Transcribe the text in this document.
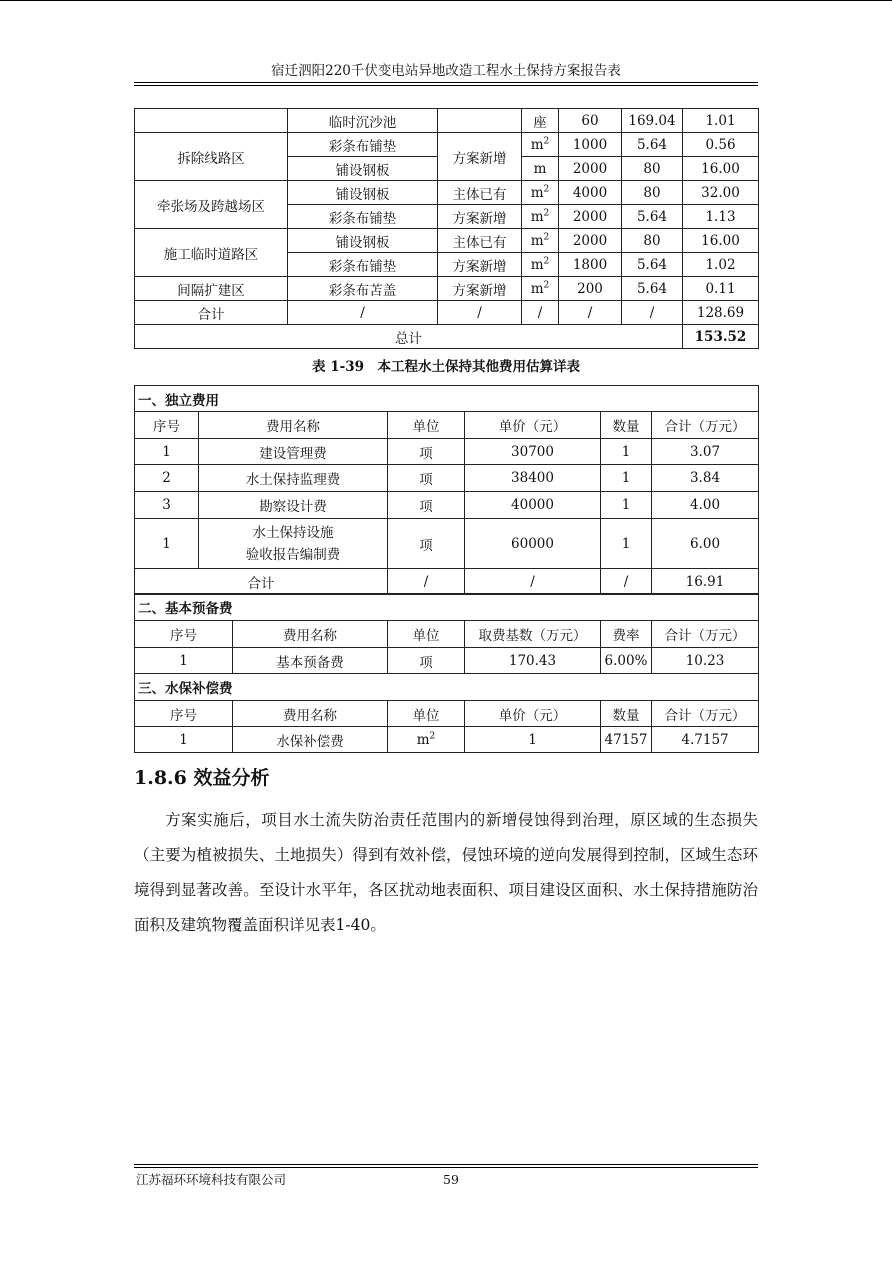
宿迁泗阳220千伏变电站异地改造工程水土保持方案报告表
	临时沉沙池		座	60	169.04	1.01
拆除线路区	彩条布铺垫	方案新增	$m^2$	1000	5.64	0.56
	铺设钢板		m	2000	80	16.00
牵张场及跨越场区	铺设钢板	主体已有	$m^2$	4000	80	32.00
	彩条布铺垫	方案新增	$m^2$	2000	5.64	1.13
施工临时道路区	铺设钢板	主体已有	$m^2$	2000	80	16.00
	彩条布铺垫	方案新增	$m^2$	1800	5.64	1.02
间隔扩建区	彩条布苫盖	方案新增	$m^2$	200	5.64	0.11
合计	/	/	/	/	/	128.69
总计						153.52
表 1-39　本工程水土保持其他费用估算详表
一、独立费用
序号	费用名称	单位	单价（元）	数量	合计（万元）
1	建设管理费	项	30700	1	3.07
2	水土保持监理费	项	38400	1	3.84
3	勘察设计费	项	40000	1	4.00
1	水土保持设施
验收报告编制费	项	60000	1	6.00
合计		/	/	/	16.91
二、基本预备费					
序号	费用名称	单位	取费基数（万元）	费率	合计（万元）
1	基本预备费	项	170.43	6.00%	10.23
三、水保补偿费					
序号	费用名称	单位	单价（元）	数量	合计（万元）
1	水保补偿费	$m^2$	1	47157	4.7157
1.8.6 效益分析

方案实施后，项目水土流失防治责任范围内的新增侵蚀得到治理，原区域的生态损失（主要为植被损失、土地损失）得到有效补偿，侵蚀环境的逆向发展得到控制，区域生态环境得到显著改善。至设计水平年，各区扰动地表面积、项目建设区面积、水土保持措施防治面积及建筑物覆盖面积详见表1-40。

江苏福环环境科技有限公司	59
